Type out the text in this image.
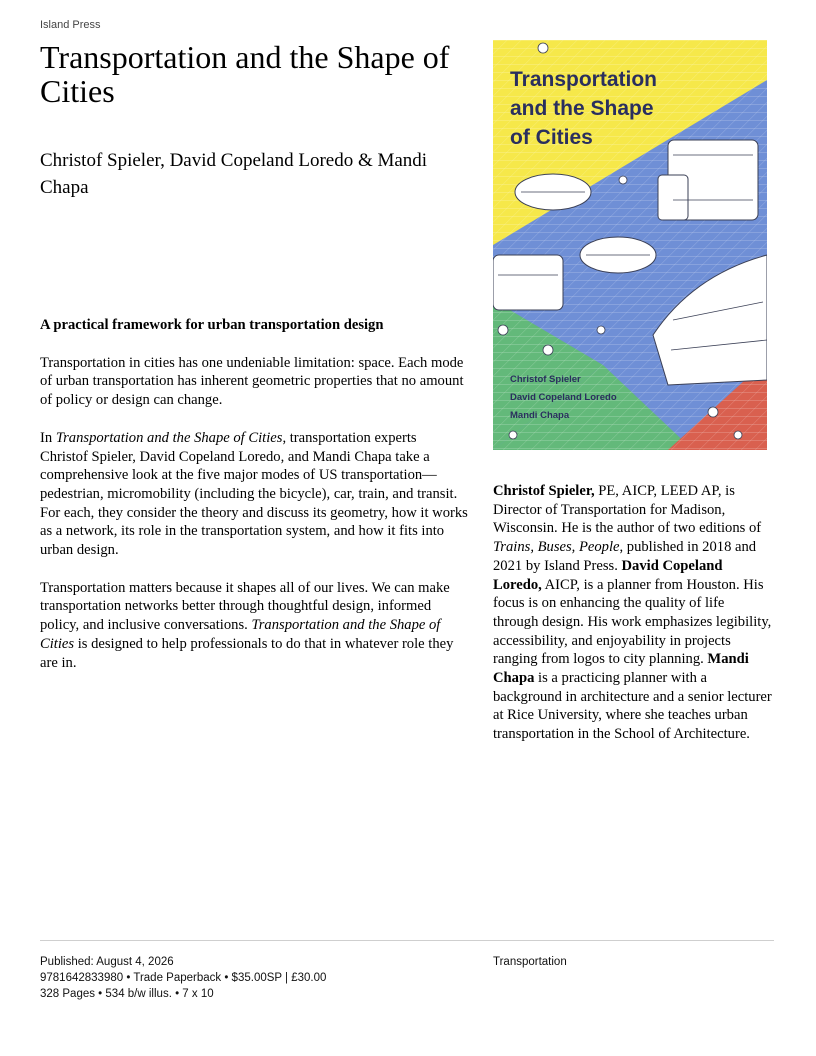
Island Press
Transportation and the Shape of Cities
Christof Spieler, David Copeland Loredo & Mandi Chapa

A practical framework for urban transportation design

Transportation in cities has one undeniable limitation: space. Each mode of urban transportation has inherent geometric properties that no amount of policy or design can change.

In Transportation and the Shape of Cities, transportation experts Christof Spieler, David Copeland Loredo, and Mandi Chapa take a comprehensive look at the five major modes of US transportation—pedestrian, micromobility (including the bicycle), car, train, and transit. For each, they consider the theory and discuss its geometry, how it works as a network, its role in the transportation system, and how it fits into urban design.

Transportation matters because it shapes all of our lives. We can make transportation networks better through thoughtful design, informed policy, and inclusive conversations. Transportation and the Shape of Cities is designed to help professionals to do that in whatever role they are in.

Transportation
and the Shape
of Cities
Christof Spieler
David Copeland Loredo
Mandi Chapa
Christof Spieler, PE, AICP, LEED AP, is Director of Transportation for Madison, Wisconsin. He is the author of two editions of Trains, Buses, People, published in 2018 and 2021 by Island Press. David Copeland Loredo, AICP, is a planner from Houston. His focus is on enhancing the quality of life through design. His work emphasizes legibility, accessibility, and enjoyability in projects ranging from logos to city planning. Mandi Chapa is a practicing planner with a background in architecture and a senior lecturer at Rice University, where she teaches urban transportation in the School of Architecture.
Published: August 4, 2026
9781642833980 • Trade Paperback • $35.00SP | £30.00
328 Pages • 534 b/w illus. • 7 x 10
Transportation
